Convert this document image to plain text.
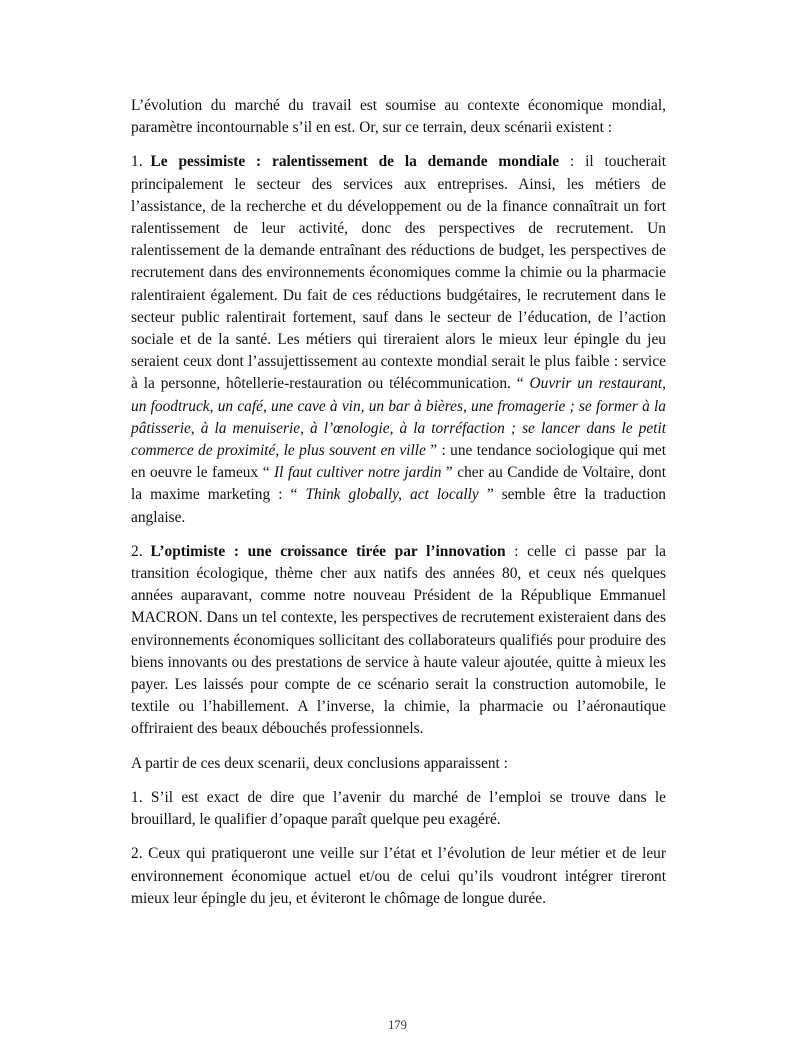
L’évolution du marché du travail est soumise au contexte économique mondial, paramètre incontournable s’il en est. Or, sur ce terrain, deux scénarii existent :

1. Le pessimiste : ralentissement de la demande mondiale : il toucherait principalement le secteur des services aux entreprises. Ainsi, les métiers de l’assistance, de la recherche et du développement ou de la finance connaîtrait un fort ralentissement de leur activité, donc des perspectives de recrutement. Un ralentissement de la demande entraînant des réductions de budget, les perspectives de recrutement dans des environnements économiques comme la chimie ou la pharmacie ralentiraient également. Du fait de ces réductions budgétaires, le recrutement dans le secteur public ralentirait fortement, sauf dans le secteur de l’éducation, de l’action sociale et de la santé. Les métiers qui tireraient alors le mieux leur épingle du jeu seraient ceux dont l’assujettissement au contexte mondial serait le plus faible : service à la personne, hôtellerie-restauration ou télécommunication. “ Ouvrir un restaurant, un foodtruck, un café, une cave à vin, un bar à bières, une fromagerie ; se former à la pâtisserie, à la menuiserie, à l’œnologie, à la torréfaction ; se lancer dans le petit commerce de proximité, le plus souvent en ville ” : une tendance sociologique qui met en oeuvre le fameux “ Il faut cultiver notre jardin ” cher au Candide de Voltaire, dont la maxime marketing : “ Think globally, act locally ” semble être la traduction anglaise.

2. L’optimiste : une croissance tirée par l’innovation : celle ci passe par la transition écologique, thème cher aux natifs des années 80, et ceux nés quelques années auparavant, comme notre nouveau Président de la République Emmanuel MACRON. Dans un tel contexte, les perspectives de recrutement existeraient dans des environnements économiques sollicitant des collaborateurs qualifiés pour produire des biens innovants ou des prestations de service à haute valeur ajoutée, quitte à mieux les payer. Les laissés pour compte de ce scénario serait la construction automobile, le textile ou l’habillement. A l’inverse, la chimie, la pharmacie ou l’aéronautique offriraient des beaux débouchés professionnels.

A partir de ces deux scenarii, deux conclusions apparaissent :

1. S’il est exact de dire que l’avenir du marché de l’emploi se trouve dans le brouillard, le qualifier d’opaque paraît quelque peu exagéré.

2. Ceux qui pratiqueront une veille sur l’état et l’évolution de leur métier et de leur environnement économique actuel et/ou de celui qu’ils voudront intégrer tireront mieux leur épingle du jeu, et éviteront le chômage de longue durée.

179
